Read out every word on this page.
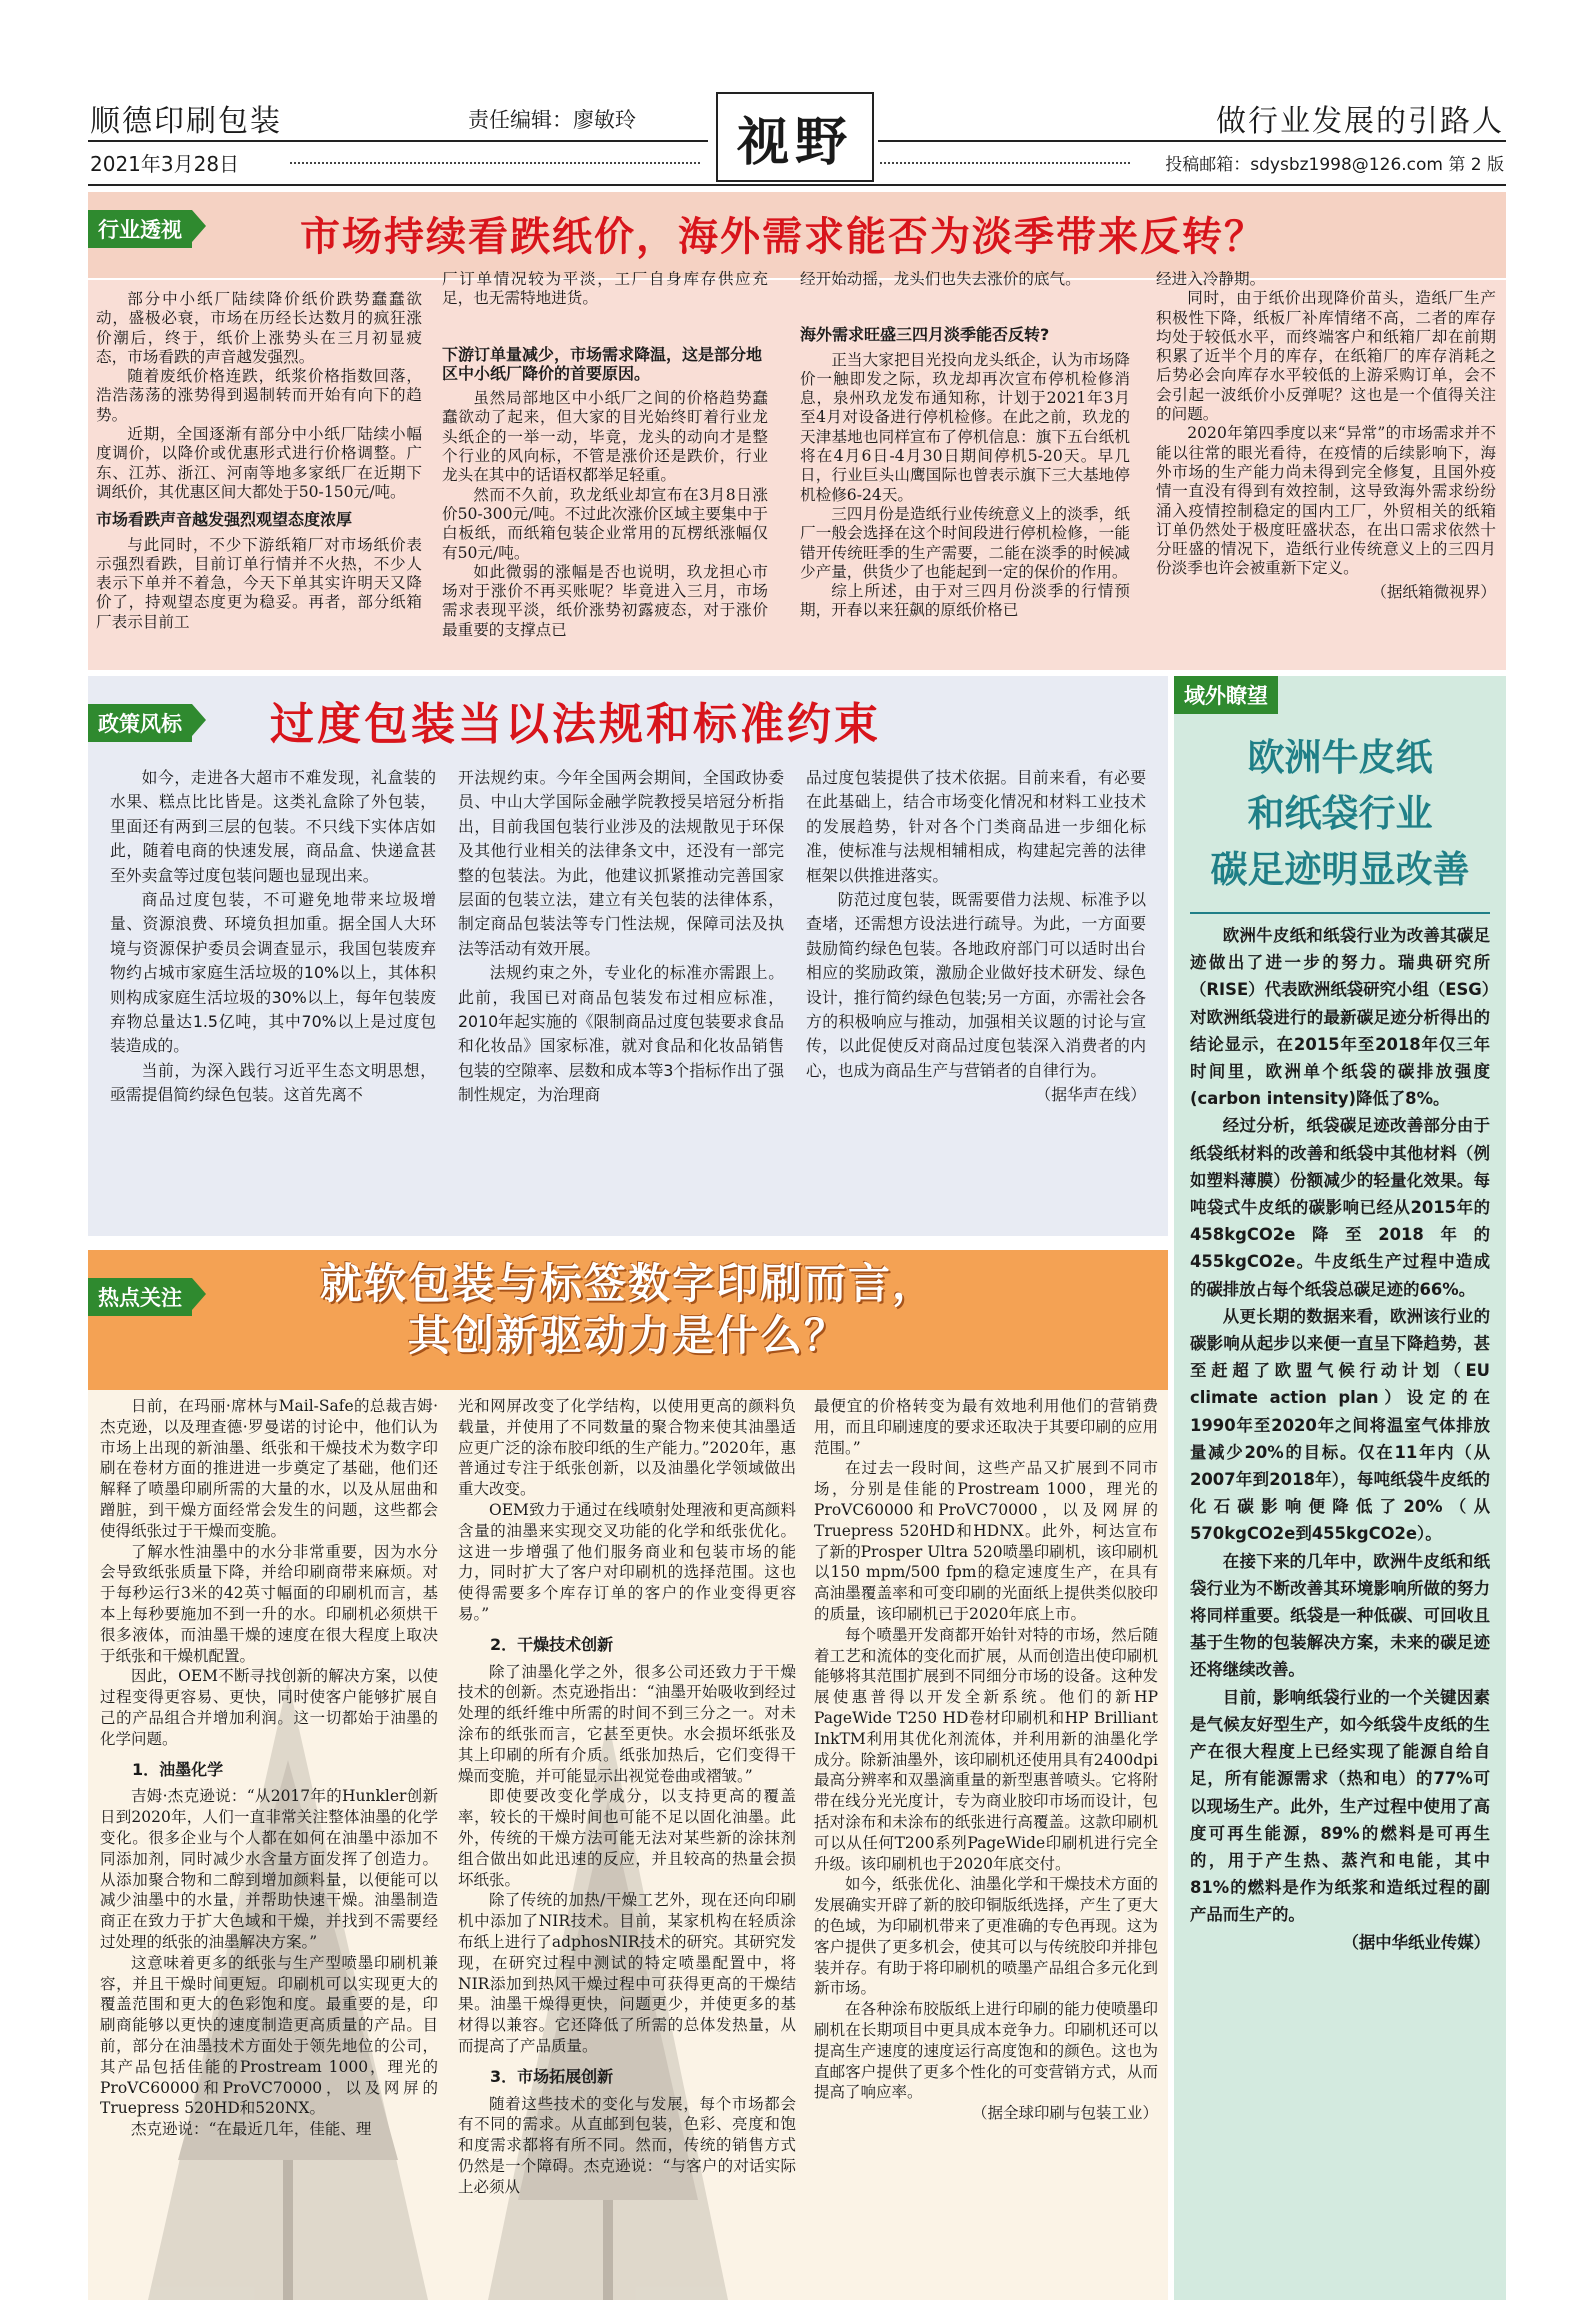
顺德印刷包装	责任编辑：廖敏玲	视野	做行业发展的引路人
2021年3月28日	投稿邮箱：sdysbz1998@126.com 第 2 版
行业透视	市场持续看跌纸价，海外需求能否为淡季带来反转？

部分中小纸厂陆续降价纸价跌势蠢蠢欲动，盛极必衰，市场在历经长达数月的疯狂涨价潮后，终于，纸价上涨势头在三月初显疲态，市场看跌的声音越发强烈。

随着废纸价格连跌，纸浆价格指数回落，浩浩荡荡的涨势得到遏制转而开始有向下的趋势。

近期，全国逐渐有部分中小纸厂陆续小幅度调价，以降价或优惠形式进行价格调整。广东、江苏、浙江、河南等地多家纸厂在近期下调纸价，其优惠区间大都处于50-150元/吨。

市场看跌声音越发强烈观望态度浓厚

与此同时，不少下游纸箱厂对市场纸价表示强烈看跌，目前订单行情并不火热，不少人表示下单并不着急，今天下单其实许明天又降价了，持观望态度更为稳妥。再者，部分纸箱厂表示目前工

厂订单情况较为平淡，工厂自身库存供应充足，也无需特地进货。

下游订单量减少，市场需求降温，这是部分地区中小纸厂降价的首要原因。

虽然局部地区中小纸厂之间的价格趋势蠢蠢欲动了起来，但大家的目光始终盯着行业龙头纸企的一举一动，毕竟，龙头的动向才是整个行业的风向标，不管是涨价还是跌价，行业龙头在其中的话语权都举足轻重。

然而不久前，玖龙纸业却宣布在3月8日涨价50-300元/吨。不过此次涨价区域主要集中于白板纸，而纸箱包装企业常用的瓦楞纸涨幅仅有50元/吨。

如此微弱的涨幅是否也说明，玖龙担心市场对于涨价不再买账呢？毕竟进入三月，市场需求表现平淡，纸价涨势初露疲态，对于涨价最重要的支撑点已

经开始动摇，龙头们也失去涨价的底气。

海外需求旺盛三四月淡季能否反转?

正当大家把目光投向龙头纸企，认为市场降价一触即发之际，玖龙却再次宣布停机检修消息，泉州玖龙发布通知称，计划于2021年3月至4月对设备进行停机检修。在此之前，玖龙的天津基地也同样宣布了停机信息：旗下五台纸机将在4月6日-4月30日期间停机5-20天。早几日，行业巨头山鹰国际也曾表示旗下三大基地停机检修6-24天。

三四月份是造纸行业传统意义上的淡季，纸厂一般会选择在这个时间段进行停机检修，一能错开传统旺季的生产需要，二能在淡季的时候减少产量，供货少了也能起到一定的保价的作用。

综上所述，由于对三四月份淡季的行情预期，开春以来狂飙的原纸价格已

经进入冷静期。

同时，由于纸价出现降价苗头，造纸厂生产积极性下降，纸板厂补库情绪不高，二者的库存均处于较低水平，而终端客户和纸箱厂却在前期积累了近半个月的库存，在纸箱厂的库存消耗之后势必会向库存水平较低的上游采购订单，会不会引起一波纸价小反弹呢？这也是一个值得关注的问题。

2020年第四季度以来“异常”的市场需求并不能以往常的眼光看待，在疫情的后续影响下，海外市场的生产能力尚未得到完全修复，且国外疫情一直没有得到有效控制，这导致海外需求纷纷涌入疫情控制稳定的国内工厂，外贸相关的纸箱订单仍然处于极度旺盛状态，在出口需求依然十分旺盛的情况下，造纸行业传统意义上的三四月份淡季也许会被重新下定义。

（据纸箱微视界）

政策风标 过度包装当以法规和标准约束

如今，走进各大超市不难发现，礼盒装的水果、糕点比比皆是。这类礼盒除了外包装，里面还有两到三层的包装。不只线下实体店如此，随着电商的快速发展，商品盒、快递盒甚至外卖盒等过度包装问题也显现出来。

商品过度包装，不可避免地带来垃圾增量、资源浪费、环境负担加重。据全国人大环境与资源保护委员会调查显示，我国包装废弃物约占城市家庭生活垃圾的10%以上，其体积则构成家庭生活垃圾的30%以上，每年包装废弃物总量达1.5亿吨，其中70%以上是过度包装造成的。

当前，为深入践行习近平生态文明思想，亟需提倡简约绿色包装。这首先离不

开法规约束。今年全国两会期间，全国政协委员、中山大学国际金融学院教授吴培冠分析指出，目前我国包装行业涉及的法规散见于环保及其他行业相关的法律条文中，还没有一部完整的包装法。为此，他建议抓紧推动完善国家层面的包装立法，建立有关包装的法律体系，制定商品包装法等专门性法规，保障司法及执法等活动有效开展。

法规约束之外，专业化的标准亦需跟上。此前，我国已对商品包装发布过相应标准，2010年起实施的《限制商品过度包装要求食品和化妆品》国家标准，就对食品和化妆品销售包装的空隙率、层数和成本等3个指标作出了强制性规定，为治理商

品过度包装提供了技术依据。目前来看，有必要在此基础上，结合市场变化情况和材料工业技术的发展趋势，针对各个门类商品进一步细化标准，使标准与法规相辅相成，构建起完善的法律框架以供推进落实。

防范过度包装，既需要借力法规、标准予以查堵，还需想方设法进行疏导。为此，一方面要鼓励简约绿色包装。各地政府部门可以适时出台相应的奖励政策，激励企业做好技术研发、绿色设计，推行简约绿色包装;另一方面，亦需社会各方的积极响应与推动，加强相关议题的讨论与宣传，以此促使反对商品过度包装深入消费者的内心，也成为商品生产与营销者的自律行为。

（据华声在线）

域外瞭望
欧洲牛皮纸
和纸袋行业
碳足迹明显改善

欧洲牛皮纸和纸袋行业为改善其碳足迹做出了进一步的努力。瑞典研究所（RISE）代表欧洲纸袋研究小组（ESG）对欧洲纸袋进行的最新碳足迹分析得出的结论显示，在2015年至2018年仅三年时间里，欧洲单个纸袋的碳排放强度(carbon intensity)降低了8%。

经过分析，纸袋碳足迹改善部分由于纸袋纸材料的改善和纸袋中其他材料（例如塑料薄膜）份额减少的轻量化效果。每吨袋式牛皮纸的碳影响已经从2015年的458kgCO2e降至2018年的455kgCO2e。牛皮纸生产过程中造成的碳排放占每个纸袋总碳足迹的66%。

从更长期的数据来看，欧洲该行业的碳影响从起步以来便一直呈下降趋势，甚至赶超了欧盟气候行动计划（EU climate action plan）设定的在1990年至2020年之间将温室气体排放量减少20%的目标。仅在11年内（从2007年到2018年），每吨纸袋牛皮纸的化石碳影响便降低了20%（从570kgCO2e到455kgCO2e）。

在接下来的几年中，欧洲牛皮纸和纸袋行业为不断改善其环境影响所做的努力将同样重要。纸袋是一种低碳、可回收且基于生物的包装解决方案，未来的碳足迹还将继续改善。

目前，影响纸袋行业的一个关键因素是气候友好型生产，如今纸袋牛皮纸的生产在很大程度上已经实现了能源自给自足，所有能源需求（热和电）的77%可以现场生产。此外，生产过程中使用了高度可再生能源，89%的燃料是可再生的，用于产生热、蒸汽和电能，其中81%的燃料是作为纸浆和造纸过程的副产品而生产的。

（据中华纸业传媒）

热点关注	就软包装与标签数字印刷而言，
其创新驱动力是什么？

日前，在玛丽·席林与Mail-Safe的总裁吉姆·杰克逊，以及理查德·罗曼诺的讨论中，他们认为市场上出现的新油墨、纸张和干燥技术为数字印刷在卷材方面的推进进一步奠定了基础，他们还解释了喷墨印刷所需的大量的水，以及从屈曲和蹭脏，到干燥方面经常会发生的问题，这些都会使得纸张过于干燥而变脆。

了解水性油墨中的水分非常重要，因为水分会导致纸张质量下降，并给印刷商带来麻烦。对于每秒运行3米的42英寸幅面的印刷机而言，基本上每秒要施加不到一升的水。印刷机必须烘干很多液体，而油墨干燥的速度在很大程度上取决于纸张和干燥机配置。

因此，OEM不断寻找创新的解决方案，以使过程变得更容易、更快，同时使客户能够扩展自己的产品组合并增加利润。这一切都始于油墨的化学问题。

1．油墨化学

吉姆·杰克逊说：“从2017年的Hunkler创新日到2020年，人们一直非常关注整体油墨的化学变化。很多企业与个人都在如何在油墨中添加不同添加剂，同时减少水含量方面发挥了创造力。从添加聚合物和二醇到增加颜料量，以便能可以减少油墨中的水量，并帮助快速干燥。油墨制造商正在致力于扩大色域和干燥，并找到不需要经过处理的纸张的油墨解决方案。”

这意味着更多的纸张与生产型喷墨印刷机兼容，并且干燥时间更短。印刷机可以实现更大的覆盖范围和更大的色彩饱和度。最重要的是，印刷商能够以更快的速度制造更高质量的产品。目前，部分在油墨技术方面处于领先地位的公司，其产品包括佳能的Prostream 1000，理光的ProVC60000和ProVC70000，以及网屏的Truepress 520HD和520NX。

杰克逊说：“在最近几年，佳能、理

光和网屏改变了化学结构，以使用更高的颜料负载量，并使用了不同数量的聚合物来使其油墨适应更广泛的涂布胶印纸的生产能力。”2020年，惠普通过专注于纸张创新，以及油墨化学领域做出重大改变。

OEM致力于通过在线喷射处理液和更高颜料含量的油墨来实现交叉功能的化学和纸张优化。这进一步增强了他们服务商业和包装市场的能力，同时扩大了客户对印刷机的选择范围。这也使得需要多个库存订单的客户的作业变得更容易。”

2．干燥技术创新

除了油墨化学之外，很多公司还致力于干燥技术的创新。杰克逊指出：“油墨开始吸收到经过处理的纸纤维中所需的时间不到三分之一。对未涂布的纸张而言，它甚至更快。水会损坏纸张及其上印刷的所有介质。纸张加热后，它们变得干燥而变脆，并可能显示出视觉卷曲或褶皱。”

即使要改变化学成分，以支持更高的覆盖率，较长的干燥时间也可能不足以固化油墨。此外，传统的干燥方法可能无法对某些新的涂抹剂组合做出如此迅速的反应，并且较高的热量会损坏纸张。

除了传统的加热/干燥工艺外，现在还向印刷机中添加了NIR技术。目前，某家机构在轻质涂布纸上进行了adphosNIR技术的研究。其研究发现，在研究过程中测试的特定喷墨配置中，将NIR添加到热风干燥过程中可获得更高的干燥结果。油墨干燥得更快，问题更少，并使更多的基材得以兼容。它还降低了所需的总体发热量，从而提高了产品质量。

3．市场拓展创新

随着这些技术的变化与发展，每个市场都会有不同的需求。从直邮到包装，色彩、亮度和饱和度需求都将有所不同。然而，传统的销售方式仍然是一个障碍。杰克逊说：“与客户的对话实际上必须从

最便宜的价格转变为最有效地利用他们的营销费用，而且印刷速度的要求还取决于其要印刷的应用范围。”

在过去一段时间，这些产品又扩展到不同市场，分别是佳能的Prostream 1000，理光的ProVC60000和ProVC70000，以及网屏的Truepress 520HD和HDNX。此外，柯达宣布了新的Prosper Ultra 520喷墨印刷机，该印刷机以150 mpm/500 fpm的稳定速度生产，在具有高油墨覆盖率和可变印刷的光面纸上提供类似胶印的质量，该印刷机已于2020年底上市。

每个喷墨开发商都开始针对特的市场，然后随着工艺和流体的变化而扩展，从而创造出使印刷机能够将其范围扩展到不同细分市场的设备。这种发展使惠普得以开发全新系统。他们的新HP PageWide T250 HD卷材印刷机和HP Brilliant InkTM利用其优化剂流体，并利用新的油墨化学成分。除新油墨外，该印刷机还使用具有2400dpi最高分辨率和双墨滴重量的新型惠普喷头。它将附带在线分光光度计，专为商业胶印市场而设计，包括对涂布和未涂布的纸张进行高覆盖。这款印刷机可以从任何T200系列PageWide印刷机进行完全升级。该印刷机也于2020年底交付。

如今，纸张优化、油墨化学和干燥技术方面的发展确实开辟了新的胶印铜版纸选择，产生了更大的色域，为印刷机带来了更准确的专色再现。这为客户提供了更多机会，使其可以与传统胶印并排包装并存。有助于将印刷机的喷墨产品组合多元化到新市场。

在各种涂布胶版纸上进行印刷的能力使喷墨印刷机在长期项目中更具成本竞争力。印刷机还可以提高生产速度的速度运行高度饱和的颜色。这也为直邮客户提供了更多个性化的可变营销方式，从而提高了响应率。

（据全球印刷与包装工业）
